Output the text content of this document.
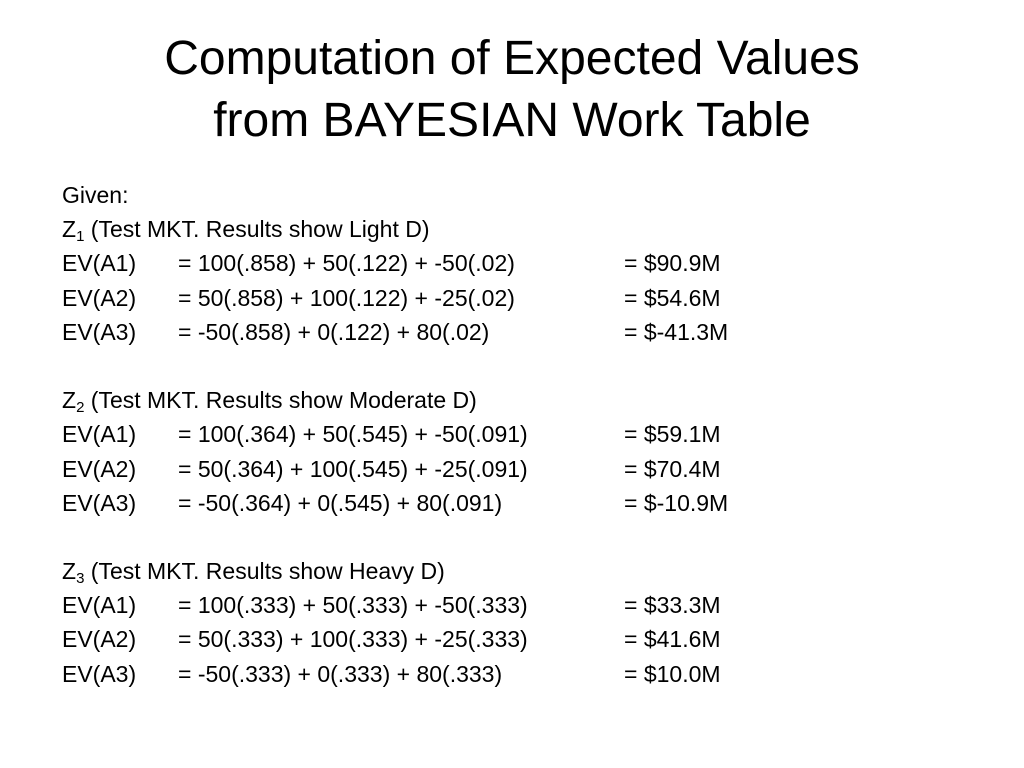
Computation of Expected Values
from BAYESIAN Work Table
Given:
$Z_1$ (Test MKT. Results show Light D)
EV(A1)	= 100(.858) + 50(.122) + -50(.02)	= $90.9M
EV(A2)	= 50(.858) + 100(.122) + -25(.02)	= $54.6M
EV(A3)	= -50(.858) + 0(.122) + 80(.02)	= $-41.3M
$Z_2$ (Test MKT. Results show Moderate D)
EV(A1)	= 100(.364) + 50(.545) + -50(.091)	= $59.1M
EV(A2)	= 50(.364) + 100(.545) + -25(.091)	= $70.4M
EV(A3)	= -50(.364) + 0(.545) + 80(.091)	= $-10.9M
$Z_3$ (Test MKT. Results show Heavy D)
EV(A1)	= 100(.333) + 50(.333) + -50(.333)	= $33.3M
EV(A2)	= 50(.333) + 100(.333) + -25(.333)	= $41.6M
EV(A3)	= -50(.333) + 0(.333) + 80(.333)	= $10.0M
